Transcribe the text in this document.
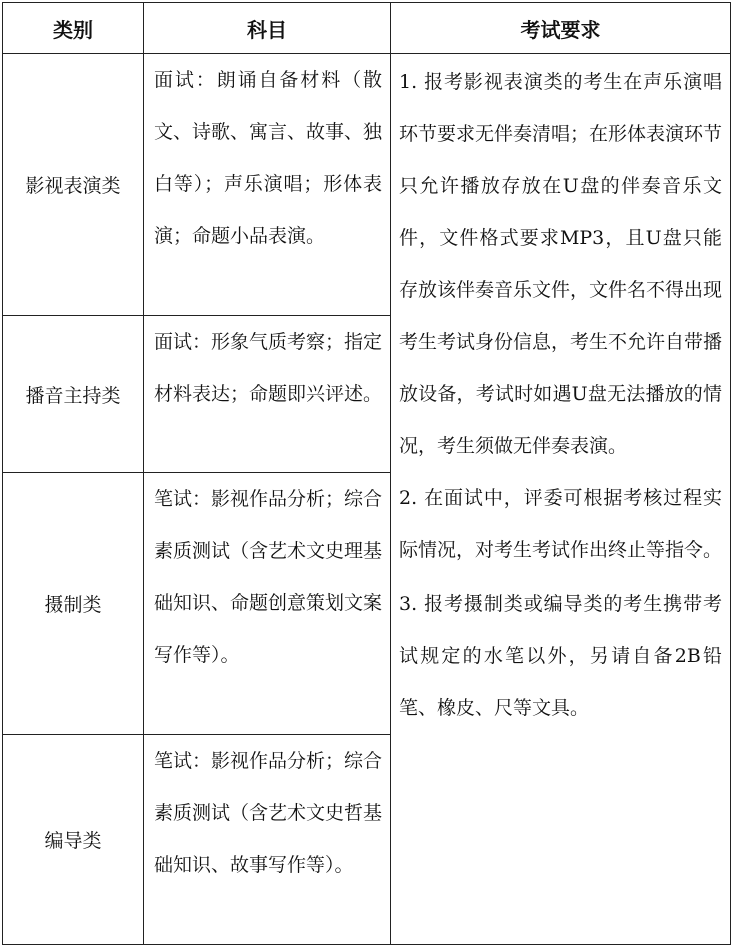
类别	科目	考试要求
影视表演类	面试：朗诵自备材料（散文、诗歌、寓言、故事、独白等）；声乐演唱；形体表演；命题小品表演。	1. 报考影视表演类的考生在声乐演唱环节要求无伴奏清唱；在形体表演环节只允许播放存放在U盘的伴奏音乐文件，文件格式要求MP3，且U盘只能存放该伴奏音乐文件，文件名不得出现考生考试身份信息，考生不允许自带播放设备，考试时如遇U盘无法播放的情况，考生须做无伴奏表演。
2. 在面试中，评委可根据考核过程实际情况，对考生考试作出终止等指令。
3. 报考摄制类或编导类的考生携带考试规定的水笔以外，另请自备2B铅笔、橡皮、尺等文具。

播音主持类	面试：形象气质考察；指定材料表达；命题即兴评述。	
摄制类	笔试：影视作品分析；综合素质测试（含艺术文史理基础知识、命题创意策划文案写作等）。	
编导类	笔试：影视作品分析；综合素质测试（含艺术文史哲基础知识、故事写作等）。	
